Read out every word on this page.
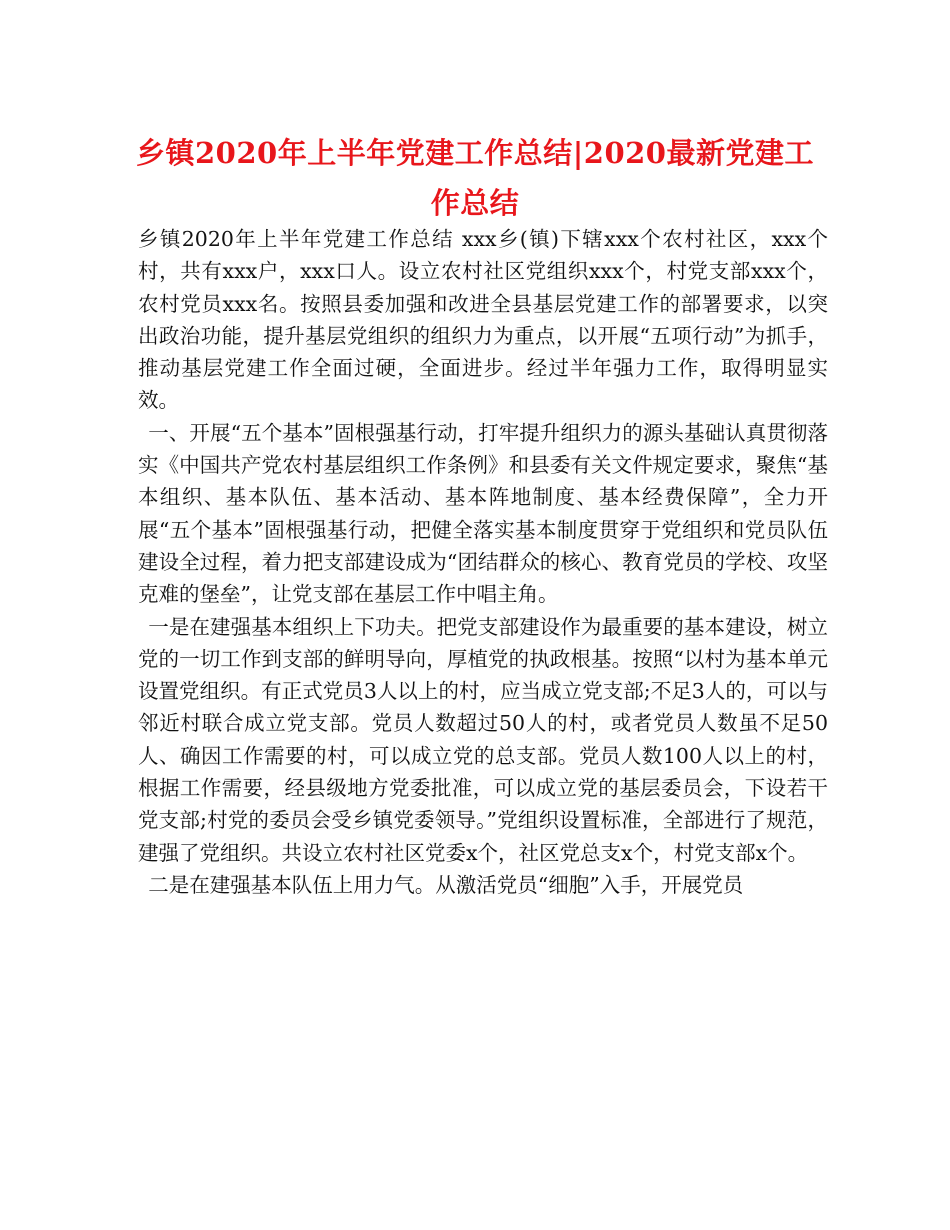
乡镇2020年上半年党建工作总结|2020最新党建工作总结

乡镇2020年上半年党建工作总结 xxx乡(镇)下辖xxx个农村社区，xxx个村，共有xxx户，xxx口人。设立农村社区党组织xxx个，村党支部xxx个，农村党员xxx名。按照县委加强和改进全县基层党建工作的部署要求，以突出政治功能，提升基层党组织的组织力为重点，以开展“五项行动”为抓手，推动基层党建工作全面过硬，全面进步。经过半年强力工作，取得明显实效。

一、开展“五个基本”固根强基行动，打牢提升组织力的源头基础认真贯彻落实《中国共产党农村基层组织工作条例》和县委有关文件规定要求，聚焦“基本组织、基本队伍、基本活动、基本阵地制度、基本经费保障”，全力开展“五个基本”固根强基行动，把健全落实基本制度贯穿于党组织和党员队伍建设全过程，着力把支部建设成为“团结群众的核心、教育党员的学校、攻坚克难的堡垒”，让党支部在基层工作中唱主角。

一是在建强基本组织上下功夫。把党支部建设作为最重要的基本建设，树立党的一切工作到支部的鲜明导向，厚植党的执政根基。按照“以村为基本单元设置党组织。有正式党员3人以上的村，应当成立党支部;不足3人的，可以与邻近村联合成立党支部。党员人数超过50人的村，或者党员人数虽不足50人、确因工作需要的村，可以成立党的总支部。党员人数100人以上的村，根据工作需要，经县级地方党委批准，可以成立党的基层委员会，下设若干党支部;村党的委员会受乡镇党委领导。”党组织设置标准，全部进行了规范，建强了党组织。共设立农村社区党委x个，社区党总支x个，村党支部x个。

二是在建强基本队伍上用力气。从激活党员“细胞”入手，开展党员
